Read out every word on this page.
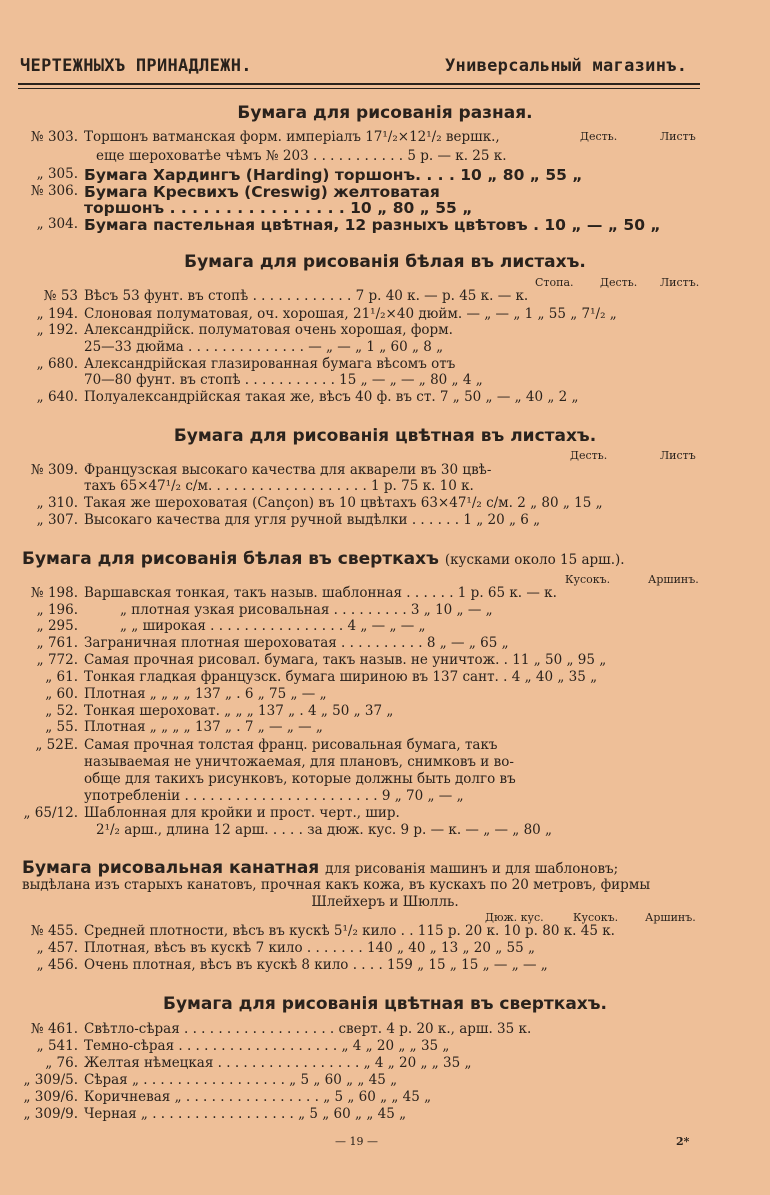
ЧЕРТЕЖНЫХЪ ПРИНАДЛЕЖН.	Универсальный магазинъ.
Бумага для рисованія разная.
Десть.	Листъ
№ 303. Торшонъ ватманская форм. имперіалъ 17¹/₂×12¹/₂ вершк.,
еще шероховатѣе чѣмъ № 203 . . . . . . . . . . . 5 р. — к. 25 к.
„ 305. Бумага Хардингъ (Harding) торшонъ. . . . 10 „ 80 „ 55 „
№ 306. Бумага Кресвихъ (Creswig) желтоватая
торшонъ . . . . . . . . . . . . . . . . 10 „ 80 „ 55 „
„ 304. Бумага пастельная цвѣтная, 12 разныхъ цвѣтовъ . 10 „ — „ 50 „
Бумага для рисованія бѣлая въ листахъ.
Стопа. Десть. Листъ.
№ 53 Вѣсъ 53 фунт. въ стопѣ . . . . . . . . . . . . 7 р. 40 к. — р. 45 к. — к.
„ 194. Слоновая полуматовая, оч. хорошая, 21¹/₂×40 дюйм. — „ — „ 1 „ 55 „ 7¹/₂ „
„ 192. Александрійск. полуматовая очень хорошая, форм.
25—33 дюйма . . . . . . . . . . . . . . — „ — „ 1 „ 60 „ 8 „
„ 680. Александрійская глазированная бумага вѣсомъ отъ
70—80 фунт. въ стопѣ . . . . . . . . . . . 15 „ — „ — „ 80 „ 4 „
„ 640. Полуалександрійская такая же, вѣсъ 40 ф. въ ст. 7 „ 50 „ — „ 40 „ 2 „
Бумага для рисованія цвѣтная въ листахъ.
Десть.	Листъ
№ 309. Французская высокаго качества для акварели въ 30 цвѣ-
тахъ 65×47¹/₂ с/м. . . . . . . . . . . . . . . . . . . 1 р. 75 к. 10 к.
„ 310. Такая же шероховатая (Cançon) въ 10 цвѣтахъ 63×47¹/₂ с/м. 2 „ 80 „ 15 „
„ 307. Высокаго качества для угля ручной выдѣлки . . . . . . 1 „ 20 „ 6 „
Бумага для рисованія бѣлая въ сверткахъ (кусками около 15 арш.).
Кусокъ.	Аршинъ.
№ 198. Варшавская тонкая, такъ назыв. шаблонная . . . . . . 1 р. 65 к. — к.
„ 196.	„ плотная узкая рисовальная . . . . . . . . . 3 „ 10 „ — „
„ 295.	„ „ широкая . . . . . . . . . . . . . . . . 4 „ — „ — „
„ 761. Заграничная плотная шероховатая . . . . . . . . . . 8 „ — „ 65 „
„ 772. Самая прочная рисовал. бумага, такъ назыв. не уничтож. . 11 „ 50 „ 95 „
„ 61. Тонкая гладкая французск. бумага шириною въ 137 сант. . 4 „ 40 „ 35 „
„ 60. Плотная „ „ „ „ 137 „ . 6 „ 75 „ — „
„ 52. Тонкая шероховат. „ „ „ 137 „ . 4 „ 50 „ 37 „
„ 55. Плотная „ „ „ „ 137 „ . 7 „ — „ — „
„ 52E. Самая прочная толстая франц. рисовальная бумага, такъ
называемая не уничтожаемая, для плановъ, снимковъ и во-
обще для такихъ рисунковъ, которые должны быть долго въ
употребленіи . . . . . . . . . . . . . . . . . . . . . . . 9 „ 70 „ — „
„ 65/12. Шаблонная для кройки и прост. черт., шир.
2¹/₂ арш., длина 12 арш. . . . . за дюж. кус. 9 р. — к. — „ — „ 80 „
Бумага рисовальная канатная для рисованія машинъ и для шаблоновъ;
выдѣлана изъ старыхъ канатовъ, прочная какъ кожа, въ кускахъ по 20 метровъ, фирмы
Шлейхеръ и Шюлль.
Дюж. кус.	Кусокъ. Аршинъ.
№ 455. Средней плотности, вѣсъ въ кускѣ 5¹/₂ кило . . 115 р. 20 к. 10 р. 80 к. 45 к.
„ 457. Плотная, вѣсъ въ кускѣ 7 кило . . . . . . . 140 „ 40 „ 13 „ 20 „ 55 „
„ 456. Очень плотная, вѣсъ въ кускѣ 8 кило . . . . 159 „ 15 „ 15 „ — „ — „
Бумага для рисованія цвѣтная въ сверткахъ.
№ 461. Свѣтло-сѣрая . . . . . . . . . . . . . . . . . . сверт. 4 р. 20 к., арш. 35 к.
„ 541. Темно-сѣрая . . . . . . . . . . . . . . . . . . . „ 4 „ 20 „ „ 35 „
„ 76. Желтая нѣмецкая . . . . . . . . . . . . . . . . . „ 4 „ 20 „ „ 35 „
„ 309/5. Сѣрая „ . . . . . . . . . . . . . . . . . „ 5 „ 60 „ „ 45 „
„ 309/6. Коричневая „ . . . . . . . . . . . . . . . . „ 5 „ 60 „ „ 45 „
„ 309/9. Черная „ . . . . . . . . . . . . . . . . . „ 5 „ 60 „ „ 45 „
— 19 —	2*
